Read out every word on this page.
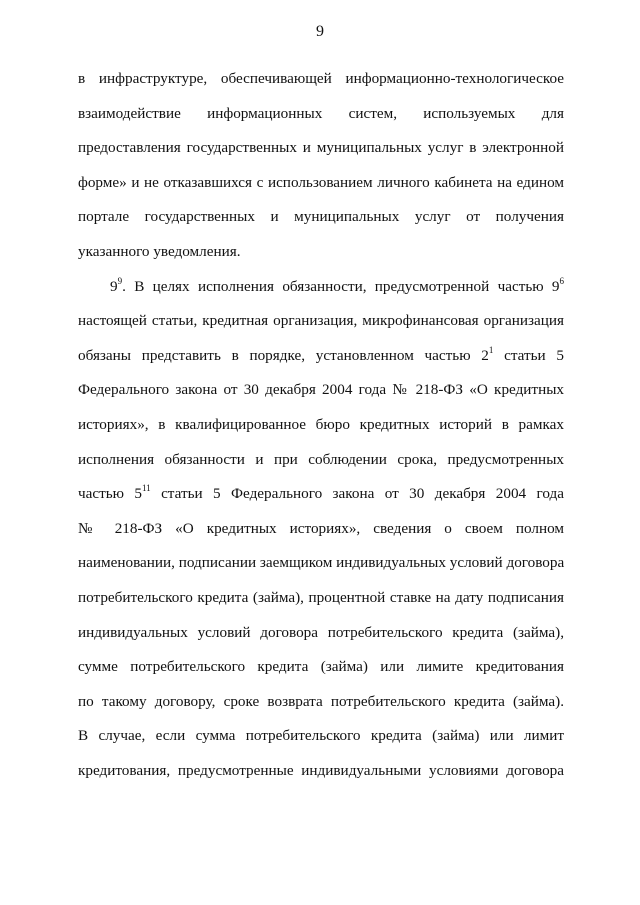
9
в инфраструктуре, обеспечивающей информационно-технологическое
взаимодействие информационных систем, используемых для
предоставления государственных и муниципальных услуг в электронной
форме» и не отказавшихся с использованием личного кабинета на едином
портале государственных и муниципальных услуг от получения
указанного уведомления.
$9^9$. В целях исполнения обязанности, предусмотренной частью $9^6$
настоящей статьи, кредитная организация, микрофинансовая организация
обязаны представить в порядке, установленном частью $2^1$ статьи 5
Федерального закона от 30 декабря 2004 года № 218-ФЗ «О кредитных
историях», в квалифицированное бюро кредитных историй в рамках
исполнения обязанности и при соблюдении срока, предусмотренных
частью $5^{11}$ статьи 5 Федерального закона от 30 декабря 2004 года
№ 218-ФЗ «О кредитных историях», сведения о своем полном
наименовании, подписании заемщиком индивидуальных условий договора
потребительского кредита (займа), процентной ставке на дату подписания
индивидуальных условий договора потребительского кредита (займа),
сумме потребительского кредита (займа) или лимите кредитования
по такому договору, сроке возврата потребительского кредита (займа).
В случае, если сумма потребительского кредита (займа) или лимит
кредитования, предусмотренные индивидуальными условиями договора
